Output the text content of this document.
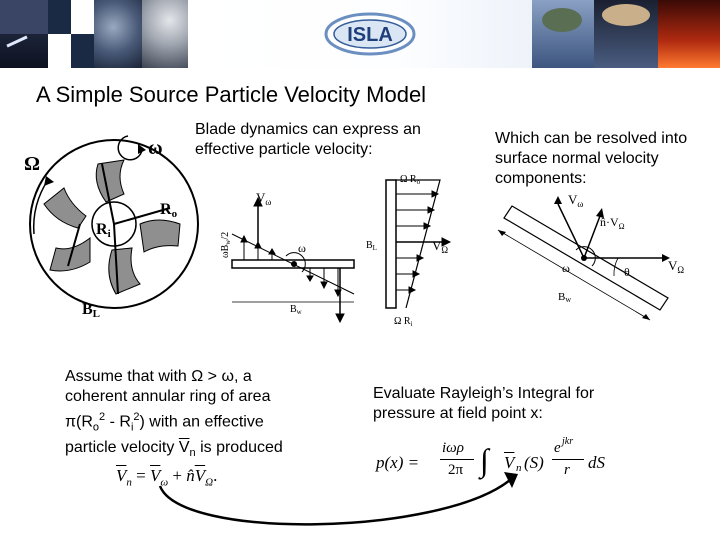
ISLA
A Simple Source Particle Velocity Model
ω
Ω
Ro
Ri
BL
$V_\omega$
$V_\Omega$
$\omega B_w/2$
ω
Ω $R_o$
Ω $R_i$
$B_L$
$B_w$
$V_\omega$
$n̂\cdot V_\Omega$
ω	θ	$V_\Omega$
Bw
Blade dynamics can express an effective particle velocity:
Which can be resolved into surface normal velocity components:
Assume that with Ω > ω, a
coherent annular ring of area
$\pi(R_o^2 - R_i^2)$ with an effective
particle velocity $\overline{V}_n$ is produced
Evaluate Rayleigh’s Integral for pressure at field point x:
$\overline{V}_n = \overline{V}_\omega$ + $n̂\overline{V}_\Omega$.
p(x) =
iωρ
2π ∫ $\overline{V}$ n (S)
e jkr
r dS
